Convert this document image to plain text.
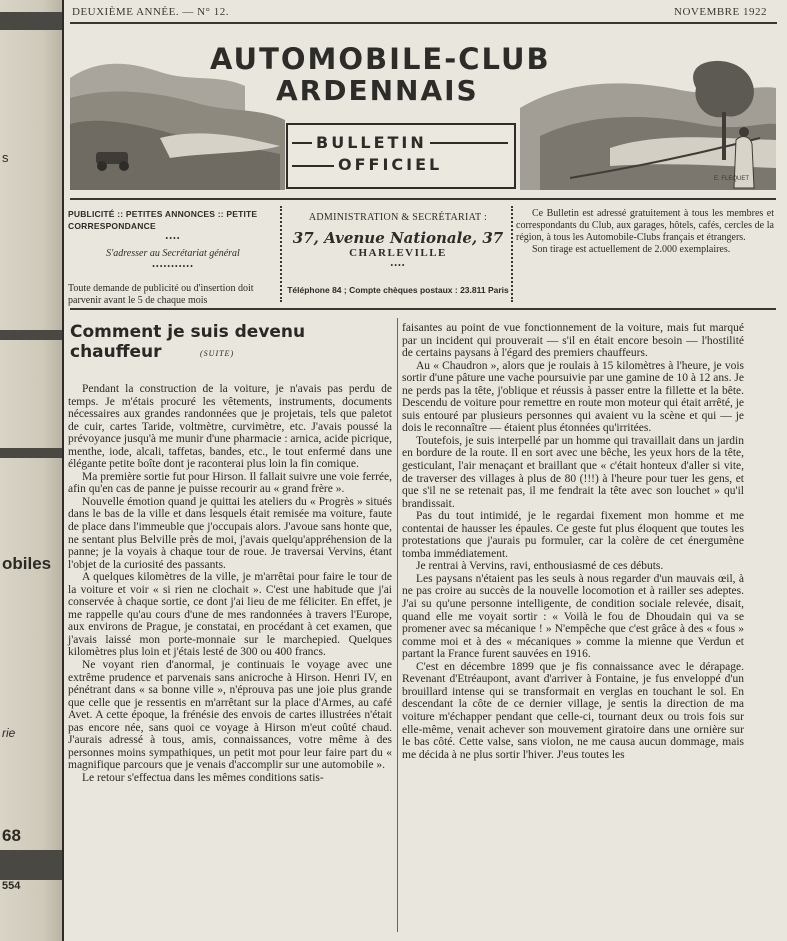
s
obiles
rie
68
554
DEUXIÈME ANNÉE. — N° 12.	NOVEMBRE 1922
AUTOMOBILE-CLUB
ARDENNAIS
BULLETIN
OFFICIEL
E. FLEQUET
PUBLICITÉ :: PETITES ANNONCES :: PETITE CORRESPONDANCE
••••
S'adresser au Secrétariat général
•••••••••••
Toute demande de publicité ou d'insertion doit parvenir avant le 5 de chaque mois
ADMINISTRATION & SECRÉTARIAT :
37, Avenue Nationale, 37
CHARLEVILLE
••••
Téléphone 84 ; Compte chèques postaux : 23.811 Paris

Ce Bulletin est adressé gratuitement à tous les membres et correspondants du Club, aux garages, hôtels, cafés, cercles de la région, à tous les Automobile-Clubs français et étrangers.

Son tirage est actuellement de 2.000 exemplaires.

Comment je suis devenu chauffeur	(SUITE)

Pendant la construction de la voiture, je n'avais pas perdu de temps. Je m'étais procuré les vêtements, instruments, documents nécessaires aux grandes randonnées que je projetais, tels que paletot de cuir, cartes Taride, voltmètre, curvimètre, etc. J'avais poussé la prévoyance jusqu'à me munir d'une pharmacie : arnica, acide picrique, menthe, iode, alcali, taffetas, bandes, etc., le tout enfermé dans une élégante petite boîte dont je raconterai plus loin la fin comique.

Ma première sortie fut pour Hirson. Il fallait suivre une voie ferrée, afin qu'en cas de panne je puisse recourir au « grand frère ».

Nouvelle émotion quand je quittai les ateliers du « Progrès » situés dans le bas de la ville et dans lesquels était remisée ma voiture, faute de place dans l'immeuble que j'occupais alors. J'avoue sans honte que, ne sentant plus Belville près de moi, j'avais quelqu'appréhension de la panne; je la voyais à chaque tour de roue. Je traversai Vervins, étant l'objet de la curiosité des passants.

A quelques kilomètres de la ville, je m'arrêtai pour faire le tour de la voiture et voir « si rien ne clochait ». C'est une habitude que j'ai conservée à chaque sortie, ce dont j'ai lieu de me féliciter. En effet, je me rappelle qu'au cours d'une de mes randonnées à travers l'Europe, aux environs de Prague, je constatai, en procédant à cet examen, que j'avais laissé mon porte-monnaie sur le marchepied. Quelques kilomètres plus loin et j'étais lesté de 300 ou 400 francs.

Ne voyant rien d'anormal, je continuais le voyage avec une extrême prudence et parvenais sans anicroche à Hirson. Henri IV, en pénétrant dans « sa bonne ville », n'éprouva pas une joie plus grande que celle que je ressentis en m'arrêtant sur la place d'Armes, au café Avet. A cette époque, la frénésie des envois de cartes illustrées n'était pas encore née, sans quoi ce voyage à Hirson m'eut coûté chaud. J'aurais adressé à tous, amis, connaissances, votre même à des personnes moins sympathiques, un petit mot pour leur faire part du « magnifique parcours que je venais d'accomplir sur une automobile ».

Le retour s'effectua dans les mêmes conditions satis-

faisantes au point de vue fonctionnement de la voiture, mais fut marqué par un incident qui prouverait — s'il en était encore besoin — l'hostilité de certains paysans à l'égard des premiers chauffeurs.

Au « Chaudron », alors que je roulais à 15 kilomètres à l'heure, je vois sortir d'une pâture une vache poursuivie par une gamine de 10 à 12 ans. Je ne perds pas la tête, j'oblique et réussis à passer entre la fillette et la bête. Descendu de voiture pour remettre en route mon moteur qui était arrêté, je suis entouré par plusieurs personnes qui avaient vu la scène et qui — je dois le reconnaître — étaient plus étonnées qu'irritées.

Toutefois, je suis interpellé par un homme qui travaillait dans un jardin en bordure de la route. Il en sort avec une bêche, les yeux hors de la tête, gesticulant, l'air menaçant et braillant que « c'était honteux d'aller si vite, de traverser des villages à plus de 80 (!!!) à l'heure pour tuer les gens, et que s'il ne se retenait pas, il me fendrait la tête avec son louchet » qu'il brandissait.

Pas du tout intimidé, je le regardai fixement mon homme et me contentai de hausser les épaules. Ce geste fut plus éloquent que toutes les protestations que j'aurais pu formuler, car la colère de cet énergumène tomba immédiatement.

Je rentrai à Vervins, ravi, enthousiasmé de ces débuts.

Les paysans n'étaient pas les seuls à nous regarder d'un mauvais œil, à ne pas croire au succès de la nouvelle locomotion et à railler ses adeptes. J'ai su qu'une personne intelligente, de condition sociale relevée, disait, quand elle me voyait sortir : « Voilà le fou de Dhoudain qui va se promener avec sa mécanique ! » N'empêche que c'est grâce à des « fous » comme moi et à des « mécaniques » comme la mienne que Verdun et partant la France furent sauvées en 1916.

C'est en décembre 1899 que je fis connaissance avec le dérapage. Revenant d'Etréaupont, avant d'arriver à Fontaine, je fus enveloppé d'un brouillard intense qui se transformait en verglas en touchant le sol. En descendant la côte de ce dernier village, je sentis la direction de ma voiture m'échapper pendant que celle-ci, tournant deux ou trois fois sur elle-même, venait achever son mouvement giratoire dans une ornière sur le bas côté. Cette valse, sans violon, ne me causa aucun dommage, mais me décida à ne plus sortir l'hiver. J'eus toutes les
